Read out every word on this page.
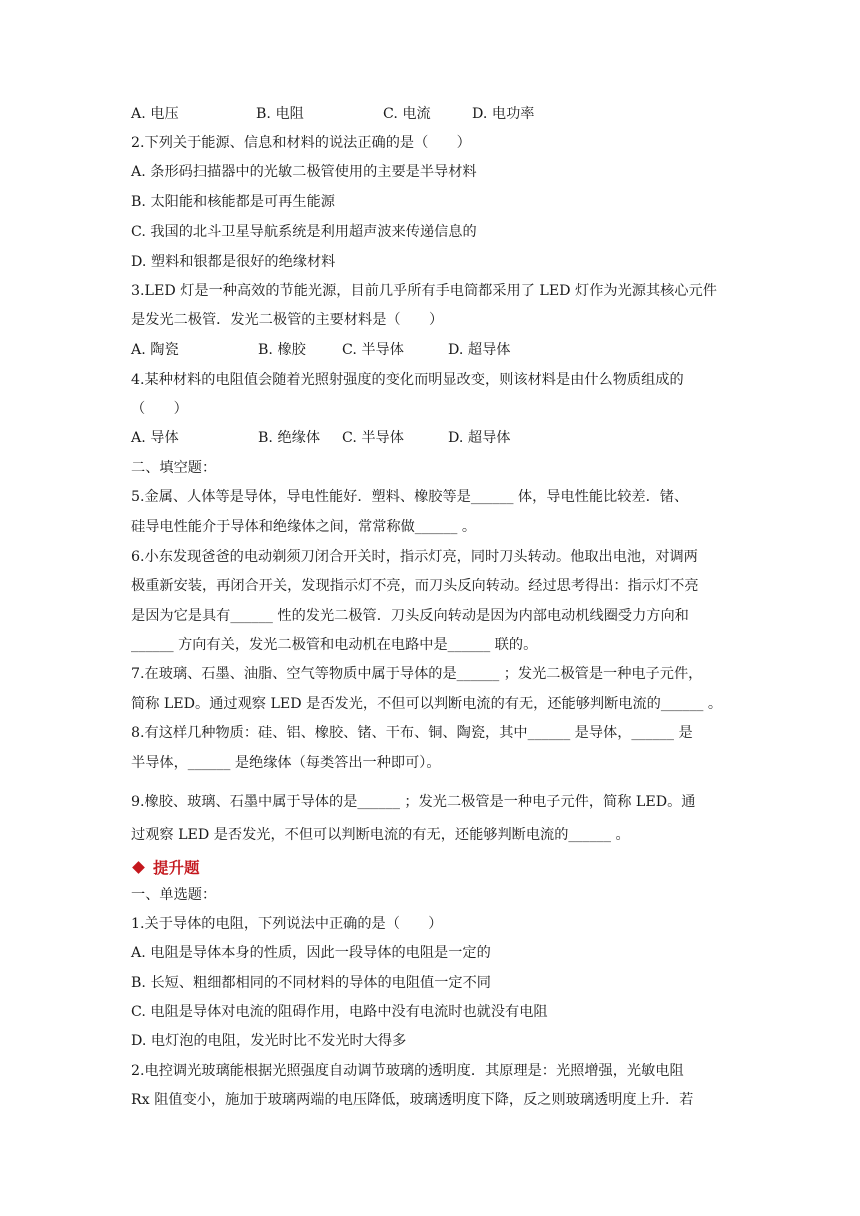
A. 电压	B. 电阻	C. 电流	D. 电功率
2.下列关于能源、信息和材料的说法正确的是（　　）
A. 条形码扫描器中的光敏二极管使用的主要是半导材料
B. 太阳能和核能都是可再生能源
C. 我国的北斗卫星导航系统是利用超声波来传递信息的
D. 塑料和银都是很好的绝缘材料
3.LED 灯是一种高效的节能光源，目前几乎所有手电筒都采用了 LED 灯作为光源其核心元件
是发光二极管．发光二极管的主要材料是（　　）
A. 陶瓷	B. 橡胶	C. 半导体	D. 超导体
4.某种材料的电阻值会随着光照射强度的变化而明显改变，则该材料是由什么物质组成的
（　　）
A. 导体	B. 绝缘体	C. 半导体	D. 超导体
二、填空题：
5.金属、人体等是导体，导电性能好．塑料、橡胶等是______ 体，导电性能比较差．锗、
硅导电性能介于导体和绝缘体之间，常常称做______ 。
6.小东发现爸爸的电动剃须刀闭合开关时，指示灯亮，同时刀头转动。他取出电池，对调两
极重新安装，再闭合开关，发现指示灯不亮，而刀头反向转动。经过思考得出：指示灯不亮
是因为它是具有______ 性的发光二极管．刀头反向转动是因为内部电动机线圈受力方向和
______ 方向有关，发光二极管和电动机在电路中是______ 联的。
7.在玻璃、石墨、油脂、空气等物质中属于导体的是______ ；发光二极管是一种电子元件，
简称 LED。通过观察 LED 是否发光，不但可以判断电流的有无，还能够判断电流的______ 。
8.有这样几种物质：硅、铝、橡胶、锗、干布、铜、陶瓷，其中______ 是导体，______ 是
半导体，______ 是绝缘体（每类答出一种即可）。
9.橡胶、玻璃、石墨中属于导体的是______ ；发光二极管是一种电子元件，简称 LED。通
过观察 LED 是否发光，不但可以判断电流的有无，还能够判断电流的______ 。
提升题
一、单选题：
1.关于导体的电阻，下列说法中正确的是（　　）
A. 电阻是导体本身的性质，因此一段导体的电阻是一定的
B. 长短、粗细都相同的不同材料的导体的电阻值一定不同
C. 电阻是导体对电流的阻碍作用，电路中没有电流时也就没有电阻
D. 电灯泡的电阻，发光时比不发光时大得多
2.电控调光玻璃能根据光照强度自动调节玻璃的透明度．其原理是：光照增强，光敏电阻
Rx 阻值变小，施加于玻璃两端的电压降低，玻璃透明度下降，反之则玻璃透明度上升．若
